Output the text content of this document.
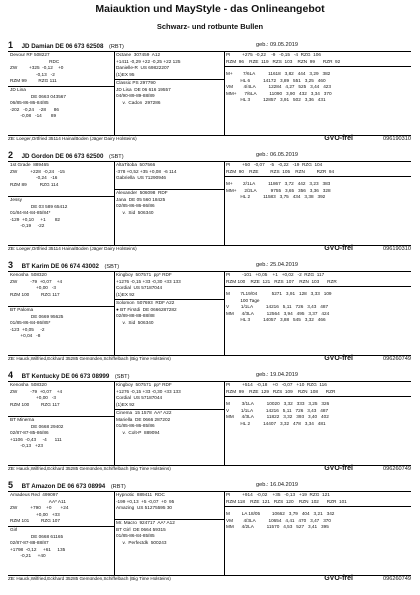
Maiauktion und MayStyle - das Onlineangebot
Schwarz- und rotbunte Bullen
1 JD Damian DE 06 673 62508 (RBT)	geb.: 09.05.2019
Devour RF 508227
RDC
ZW         +325  -0,12    +0
-0,13   -2
RZM 99         RZG 111
JD Lina
DE 0663 043567
06/85-86-86-84/85
-202   -0,24    -28      86
-0,08   -14       89
Octane  307459  A12
+1411 -0,29 +22 -0,25 +22 125
Danielle-R  US 69822207
(1)EX 95
Classic PS 297790
JD Lisa  DE 06 616 19557
04/90-89-89-88/89
v.  Cadon  297286
PI         +275  -0,22    -9   -0,15   -4  RZG  106
RZM  96    RZE  119   RZS  103    RZN  99      RZR  92
M+        7/6LA          11618   3,82   444   3,29   382
HL 6          14172   3,89   551   3,25   460
VM        4/4LA          12284   4,27   525   3,44   423
MM+      7/6LA          11090   3,90   432   3,34   370
HL 3          12857   3,91   502   3,36   431
ZB: Loeger,Ortfried 35114 Haina/Boden (Jäger Dairy Holsteins)	GVO-frei	096190310
2 JD Gordon DE 06 673 62500 (SBT)	geb.: 06.05.2019
1st Grade  889465
ZW          +228  -0,24   -15
-0,24   -16
RZM 89          RZG 114
Jessy
DE 03 589 65412
01/84-84-84-85/84*
-129  +0,10     +1       82
-0,19     -22
AltaTitoba  507566
-378 +0,52 +35 +0,08  -6 114
Gabriella  US 71290946
Alexander  506098  RDF
Jana  DE 05 560 18425
02/85-86-86-86/86
v.  Sid  506340
PI         +50   -0,07    -5   -0,22   -19  RZG  104
RZM  90    RZE         RZS  105    RZN         RZR  94
M+        2/1LA          11867   3,72   442   3,23   383
MM+      2/2LA           9755   3,65   356   3,36   328
HL 2          11583   3,75   434   3,38   392
ZB: Loeger,Ortfried 35114 Haina/Boden (Jäger Dairy Holsteins)	GVO-frei	096190310
3 BT Karim DE 06 674 43002 (SBT)	geb.: 25.04.2019
Kenosha  508320
ZW          -79  +0,07    +4
+0,00   -3
RZM 100         RZG 117
BT Paloma
DE 0669 95625
01/85-86-84-86/85*
-123  +0,05     -2
+0,04   -8
Kingboy  507571  pp* RDF
+1276 -0,15 +33 -0,30 +33 133
Cordial  US 57187044
(1)EX 92
Solomon  507693  RDF A22
● BT Firstdi  DE 0666287282
02/89-88-88-88/88
v.  Sid  506340
PI         -101   +0,05    +1   +0,02   -2  RZG  117
RZM 100    RZE  121   RZS  107    RZN  103      RZR
M        7L19/04           5271   3,91   128   3,33   109
100 Tage
V         1/1LA          14216   5,11   726   3,43   487
MM      4/3LA          12564   3,94   495   3,37   424
HL 3          14057   3,88   545   3,32   466
ZB: Hauck,Wilfried,Eckhard 35285 Gemünden,Schiffelbach (Big Time Holsteins)	GVO-frei	096260749
4 BT Kentucky DE 06 673 08999 (SBT)	geb.: 19.04.2019
Kenosha  508320
ZW          -79  +0,07    +4
+0,00   -3
RZM 100         RZG 117
BT Minerna
DE 0668 29402
02/87-87-85-86/86
+1106  -0,43     -4      111
-0,13   +23
Kingboy  507571  pp* RDF
+1276 -0,15 +33 -0,30 +33 133
Cordial  US 57187044
(1)EX 92
Cinema  15 1578  AA* A22
Mariella  DE 0666 287202
01/85-86-86-85/86
v.  Colt-P  889094
PI         +514   -0,18    +0   -0,07   +10  RZG  116
RZM  99    RZE  129   RZS  109    RZN  108      RZR
M         3/1LA          10020   3,32   333   3,25   326
V         1/1LA          14216   5,11   726   3,43   487
MM      4/3LA          11822   3,32   393   3,40   402
HL 2          14407   3,32   478   3,34   481
ZB: Hauck,Wilfried,Eckhard 35285 Gemünden,Schiffelbach (Big Time Holsteins)	GVO-frei	096260749
5 BT Amazon DE 06 673 08994 (RBT)	geb.: 16.04.2019
Amadeus Red  499097
AA* A11
ZW          +790    +0       +24
+0,00   +33
RZM 101         RZG 107
Girl
DE 0668 61165
02/87-87-88-88/87
+1798  -0,12     +61     135
-0,21     +40
Hypnotic  889411  RDC
-199 +0,13  +5 -0,07  +0  95
Amazing  US 51275595 30
Mr. Macro  924717  AA* A12
BT Girl  DE 0664 59315
01/85-86-84-85/85
v.  Perfectdk  500243
PI         +914   -0,02    +35   -0,13   +19  RZG  121
RZM 118    RZE  121   RZS  120    RZN  102      RZR  101
M         LA 18/05         10662   3,79   404   3,21   342
VM        4/3LA          10654   4,41   470   3,47   370
MM      4/2LA          11570   4,53   527   3,41   395
ZB: Hauck,Wilfried,Eckhard 35285 Gemünden,Schiffelbach (Big Time Holsteins)	GVO-frei	096260749
